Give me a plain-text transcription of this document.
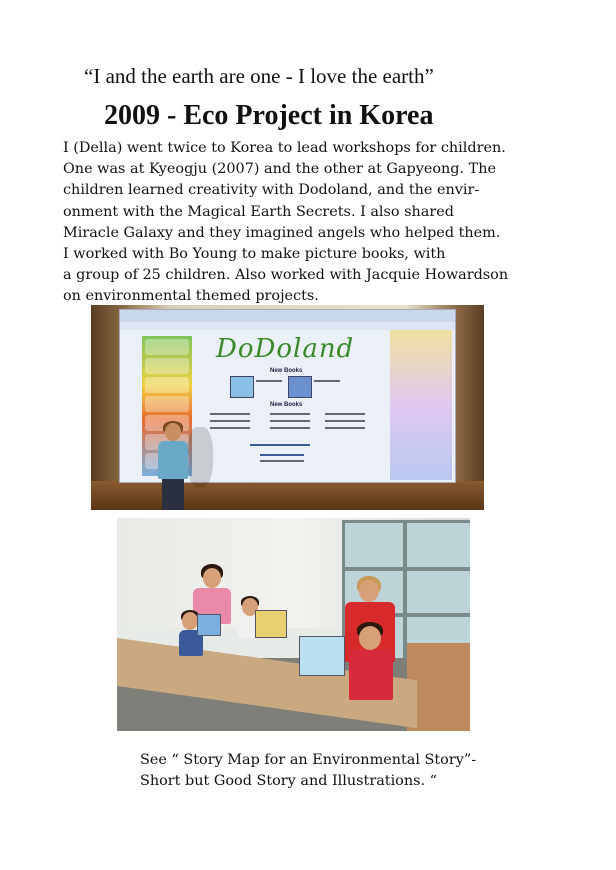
“I and the earth are one - I love the earth”
2009 - Eco Project in Korea
I (Della) went twice to Korea to lead workshops for children.
One was at Kyeogju (2007) and the other at Gapyeong. The
children learned creativity with Dodoland, and the envir-
onment with the Magical Earth Secrets. I also shared
Miracle Galaxy and they imagined angels who helped them.
I worked with Bo Young to make picture books, with
a group of 25 children. Also worked with Jacquie Howardson
on environmental themed projects.
DoDoland
New Books
New Books
See “ Story Map for an Environmental Story”-
Short but Good Story and Illustrations. “
